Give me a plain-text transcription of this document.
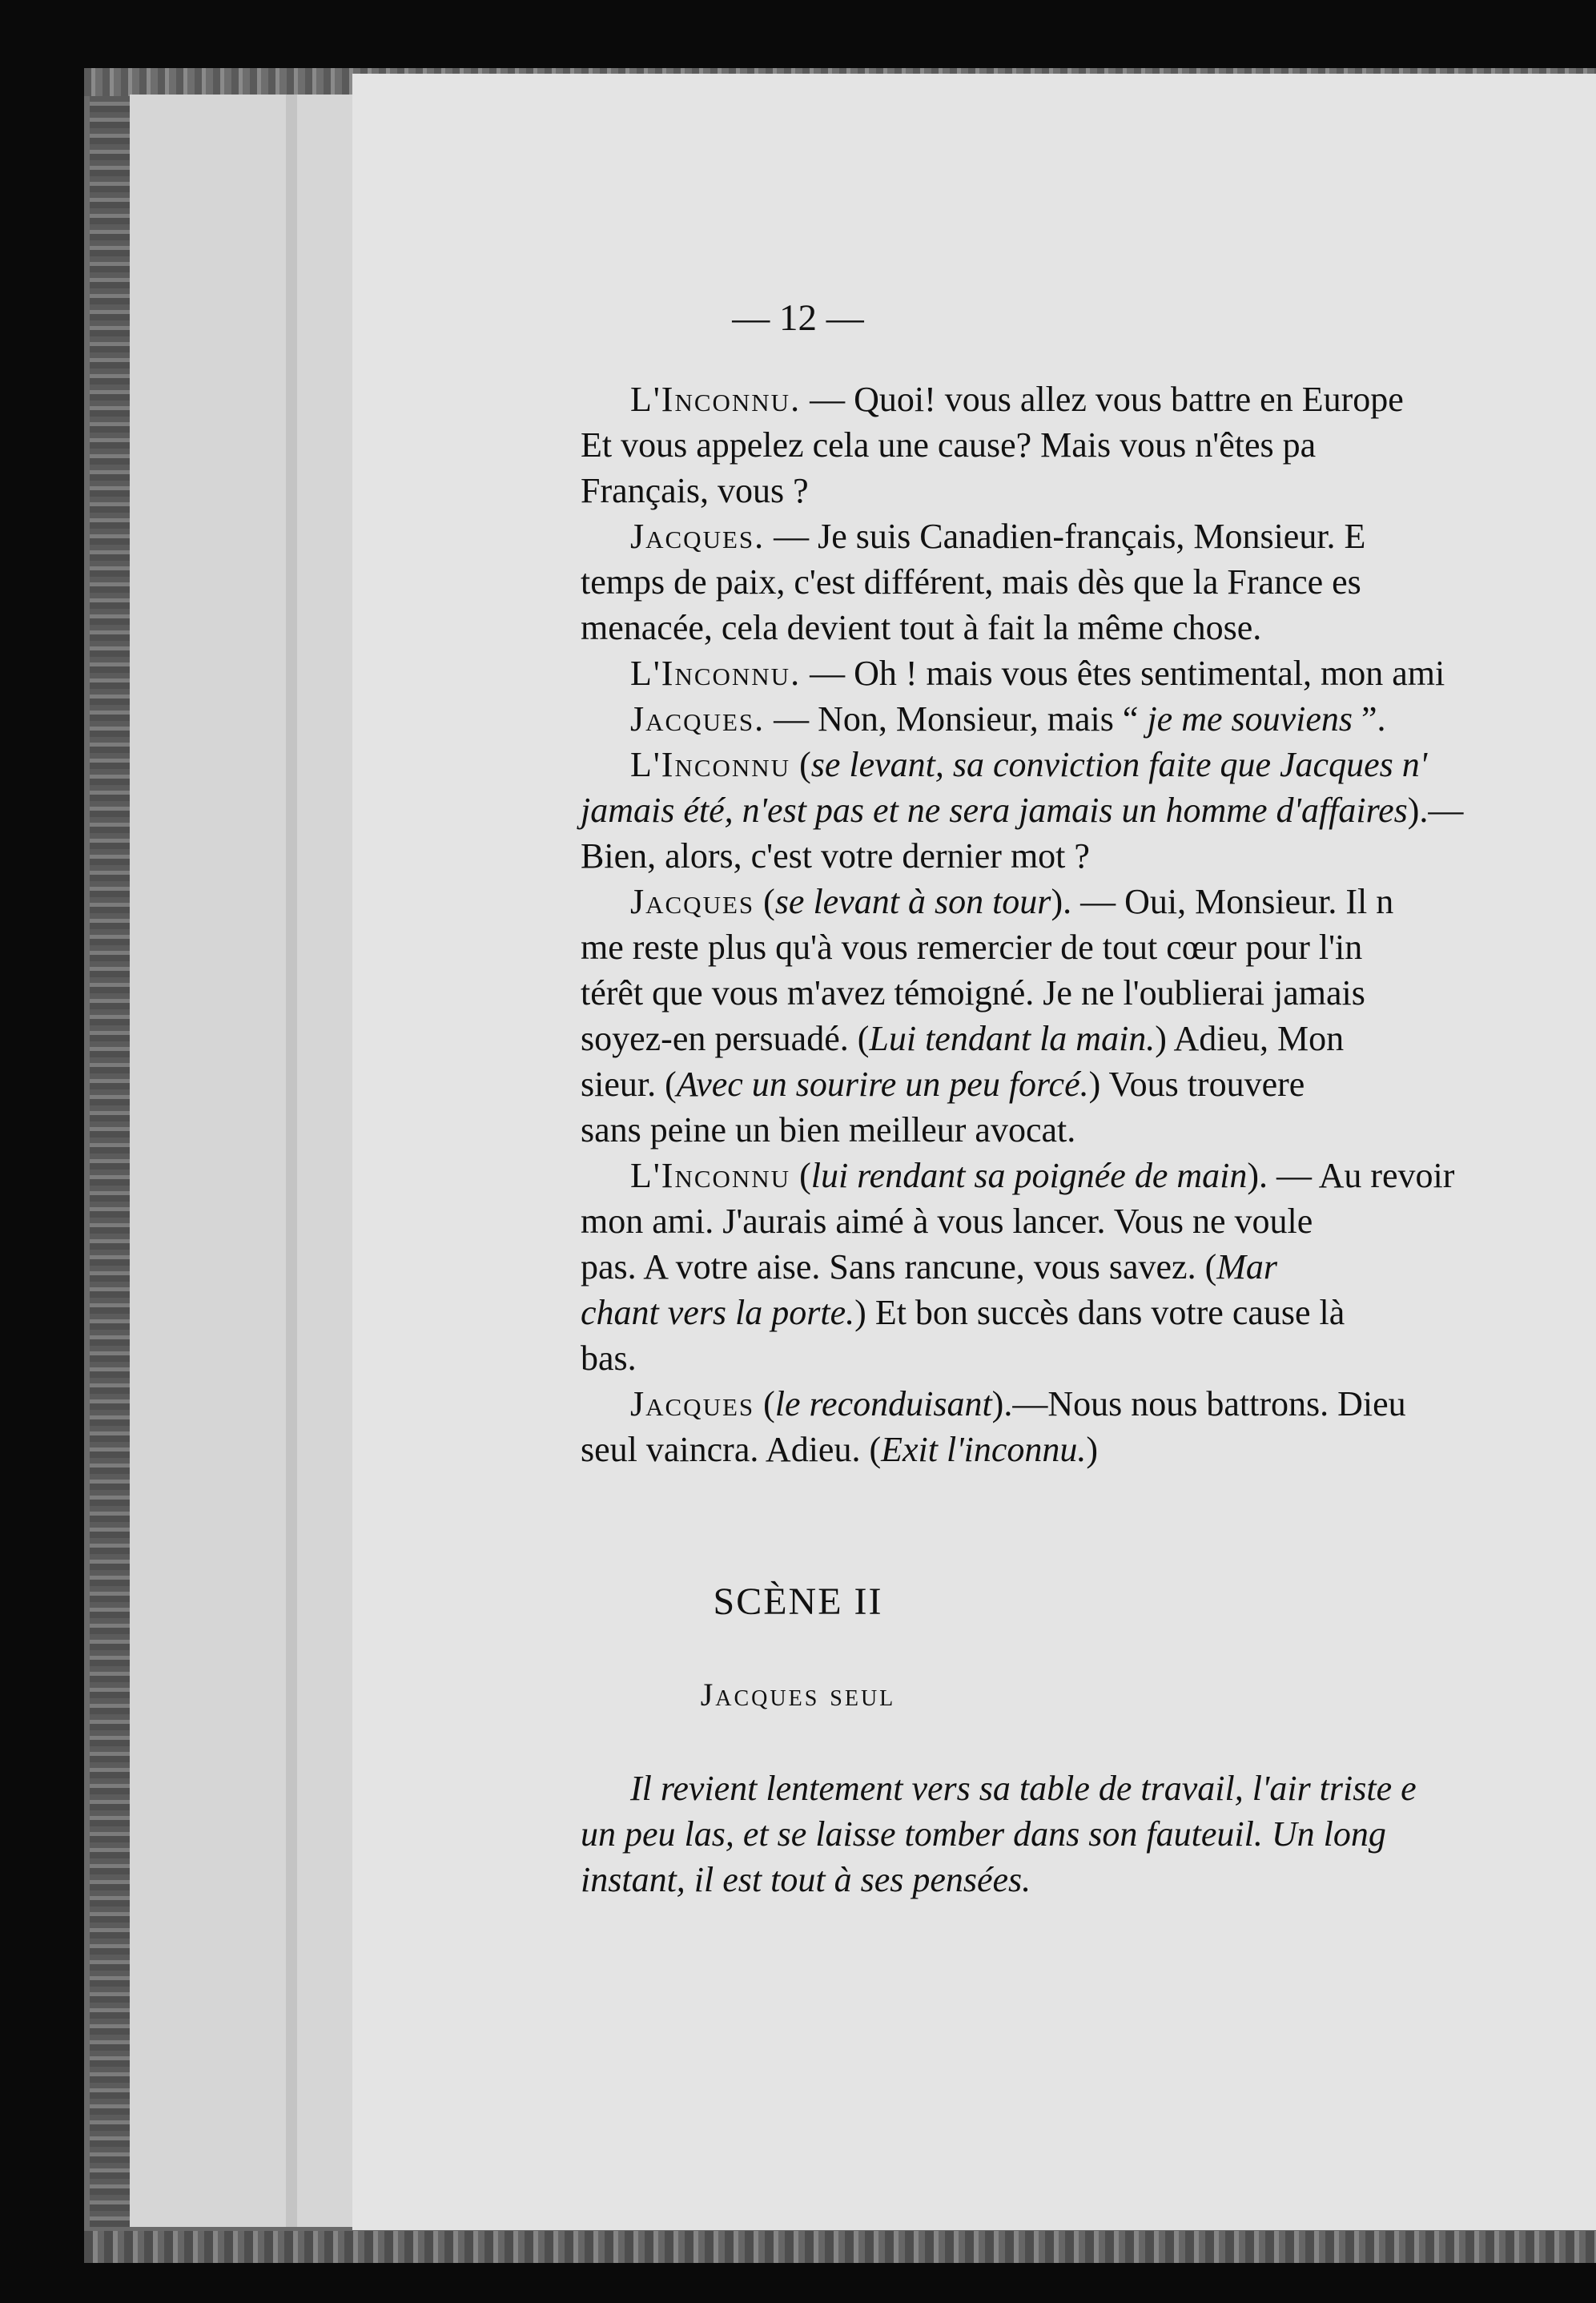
— 12 —
L'Inconnu. — Quoi! vous allez vous battre en Europe
Et vous appelez cela une cause? Mais vous n'êtes pa
Français, vous ?
Jacques. — Je suis Canadien-français, Monsieur. E
temps de paix, c'est différent, mais dès que la France es
menacée, cela devient tout à fait la même chose.
L'Inconnu. — Oh ! mais vous êtes sentimental, mon ami
Jacques. — Non, Monsieur, mais “ je me souviens ”.
L'Inconnu (se levant, sa conviction faite que Jacques n'
jamais été, n'est pas et ne sera jamais un homme d'affaires).—
Bien, alors, c'est votre dernier mot ?
Jacques (se levant à son tour). — Oui, Monsieur. Il n
me reste plus qu'à vous remercier de tout cœur pour l'in
térêt que vous m'avez témoigné. Je ne l'oublierai jamais
soyez-en persuadé. (Lui tendant la main.) Adieu, Mon
sieur. (Avec un sourire un peu forcé.) Vous trouvere
sans peine un bien meilleur avocat.
L'Inconnu (lui rendant sa poignée de main). — Au revoir
mon ami. J'aurais aimé à vous lancer. Vous ne voule
pas. A votre aise. Sans rancune, vous savez. (Mar
chant vers la porte.) Et bon succès dans votre cause là
bas.
Jacques (le reconduisant).—Nous nous battrons. Dieu
seul vaincra. Adieu. (Exit l'inconnu.)
SCÈNE II
Jacques seul
Il revient lentement vers sa table de travail, l'air triste e
un peu las, et se laisse tomber dans son fauteuil. Un long
instant, il est tout à ses pensées.
